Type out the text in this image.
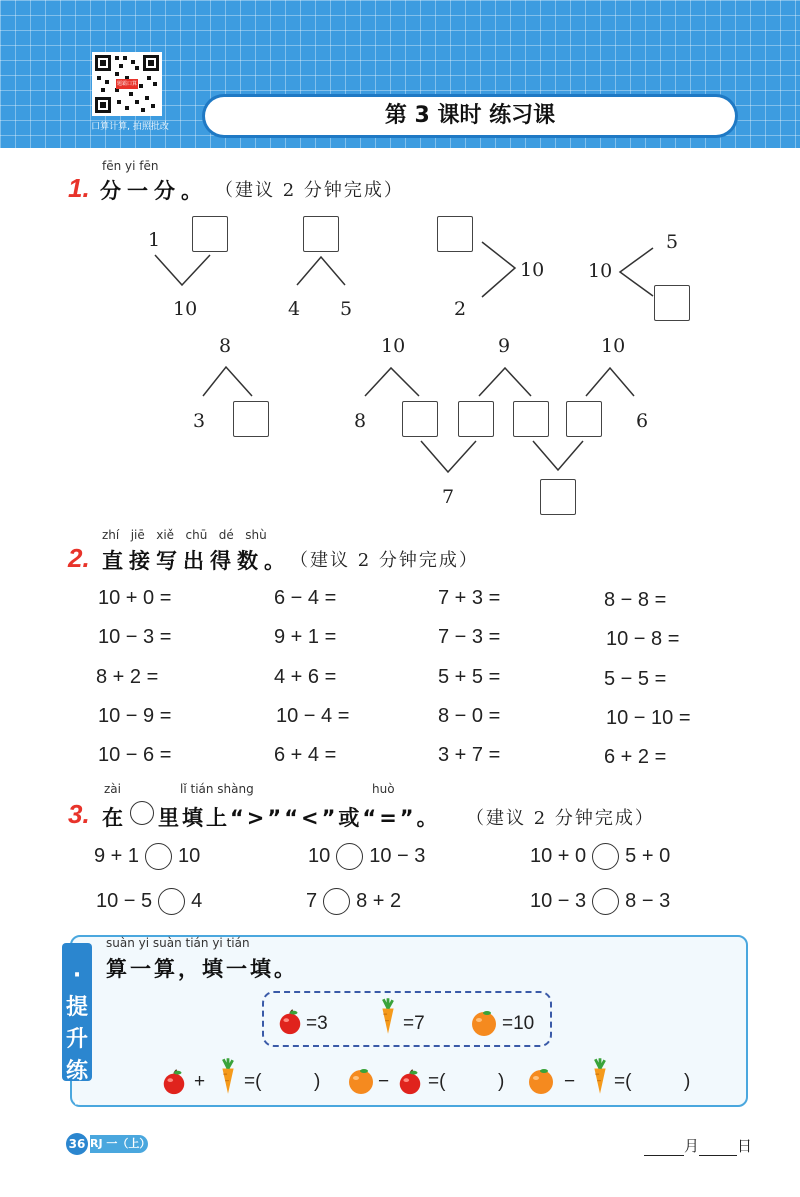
题霸口算
口算计算, 拍照批改	第 3 课时 练习课
fēn yi fēn
1. 分一分。 （建议 2 分钟完成）
1
10	4 5	2
10 10
5
8
3
10
8
9	10
6
7
zhí jiē xiě chū dé shù
2. 直接写出得数。 （建议 2 分钟完成）
10 + 0 =	6 − 4 =	7 + 3 =	8 − 8 =
10 − 3 =	9 + 1 =	7 − 3 =	10 − 8 =
8 + 2 =	4 + 6 =	5 + 5 =	5 − 5 =
10 − 9 =	10 − 4 =	8 − 0 =	10 − 10 =
10 − 6 =	6 + 4 =	3 + 7 =	6 + 2 =
zài	lǐ tián shàng	huò
3. 在 里填上“>”“<”或“=”。 （建议 2 分钟完成）
9 + 1 10	10 10 − 3	10 + 0 5 + 0
10 − 5 4	7 8 + 2	10 − 3 8 − 3
·提升练·
suàn yi suàn tián yi tián
算一算，填一填。
=3	=7	=10
+ =(	)	− =(	)	− =(	)
36 RJ 一（上）	月	日
